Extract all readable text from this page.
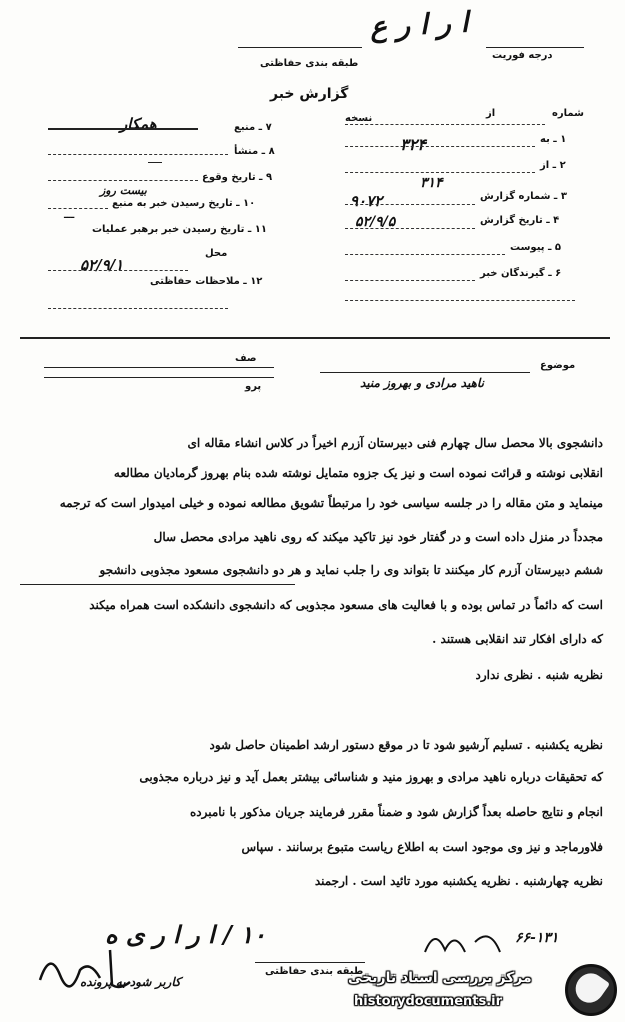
ا ر ا ر ع
درجه فوریت
طبقه بندی حفاظتی
گزارش خبر
شماره
از
نسخه
۱ ـ به
۳۲۴
۲ ـ از
۳۱۴
۳ ـ شماره گزارش
۹۰۷۲
۴ ـ تاریخ گزارش
۵۲/۹/۵
۵ ـ پیوست
۶ ـ گیرندگان خبر
همکار	۷ ـ منبع
۸ ـ منشأ
۹ ـ تاریخ وقوع
بیست روز
۱۰ ـ تاریخ رسیدن خبر به منبع
۱۱ ـ تاریخ رسیدن خبر برهبر عملیات
ـــ
محل
۵۲/۹/۱
۱۲ ـ ملاحظات حفاظتی
صف
موضوع
ناهید مرادی و بهروز منید
پرو
دانشجوی بالا محصل سال چهارم فنی دبیرستان آزرم اخیراً در کلاس انشاء مقاله ای
انقلابی نوشته و قرائت نموده است و نیز یک جزوه متمایل نوشته شده بنام بهروز گرمادیان مطالعه
مینماید و متن مقاله را در جلسه سیاسی خود را مرتبطاً تشویق مطالعه نموده و خیلی امیدوار است که ترجمه
مجدداً در منزل داده است و در گفتار خود نیز تاکید میکند که روی ناهید مرادی محصل سال
ششم دبیرستان آزرم کار میکنند تا بتواند وی را جلب نماید و هر دو دانشجوی مسعود مجذوبی دانشجو
است که دائماً در تماس بوده و با فعالیت های مسعود مجذوبی که دانشجوی دانشکده است همراه میکند
که دارای افکار تند انقلابی هستند .
نظریه شنبه . نظری ندارد
نظریه یکشنبه . تسلیم آرشیو شود تا در موقع دستور ارشد اطمینان حاصل شود
که تحقیقات درباره ناهید مرادی و بهروز منید و شناسائی بیشتر بعمل آید و نیز درباره مجذوبی
انجام و نتایج حاصله بعداً گزارش شود و ضمناً مقرر فرمایند جریان مذکور با نامبرده
فلاورماجد و نیز وی موجود است به اطلاع ریاست متبوع برسانند . سپاس
نظریه چهارشنبه . نظریه یکشنبه مورد تائید است . ارجمند
۱۰ / ا ر ا ر ی ه
کاربر شود به پرونده
۶۶-۱۳۱
طبقه بندی حفاظتی
مرکز بررسی اسناد تاریخی
historydocuments.ir
